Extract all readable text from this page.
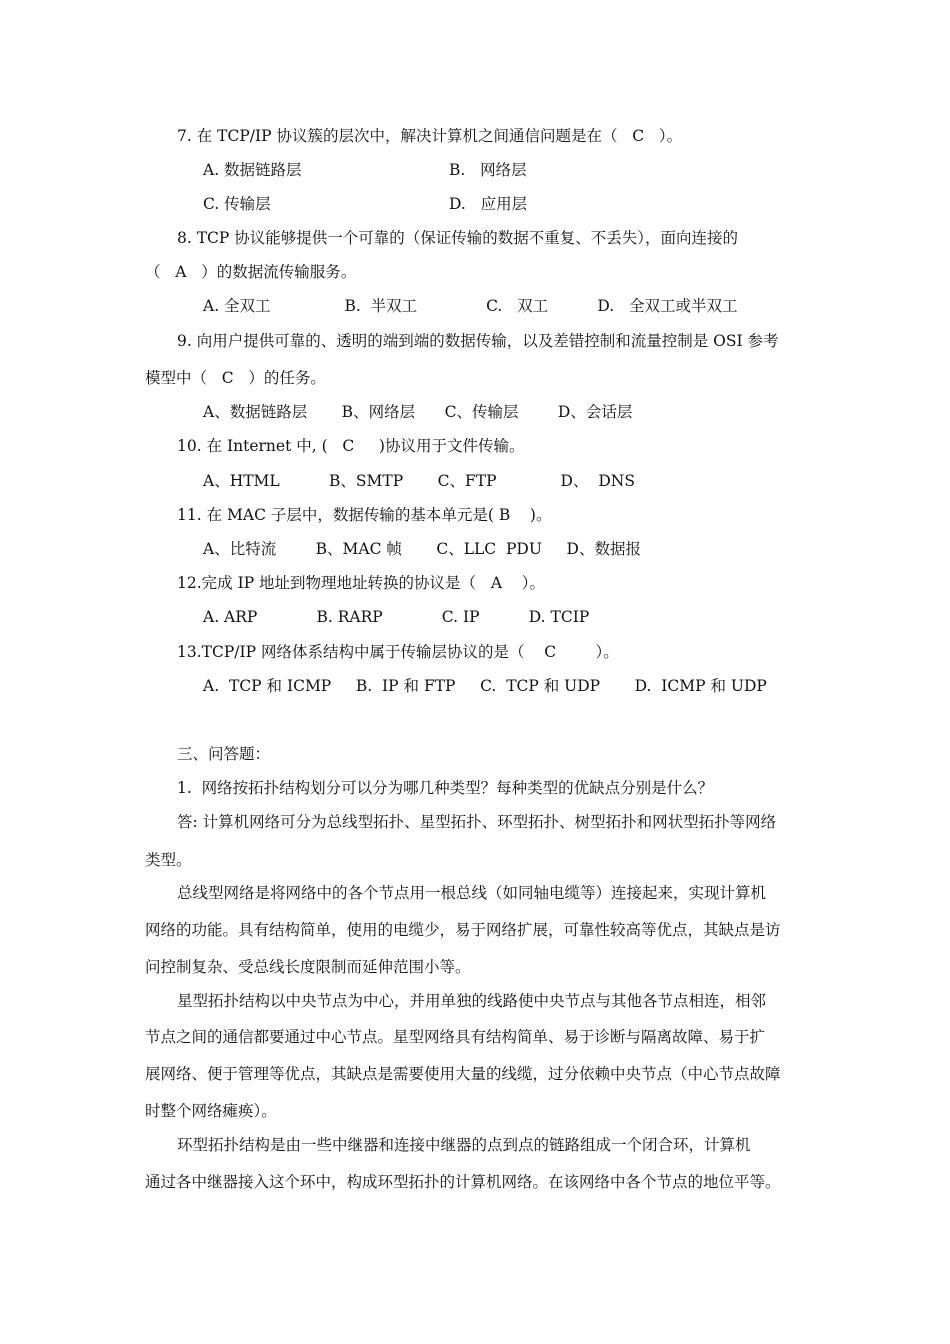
7. 在 TCP/IP 协议簇的层次中，解决计算机之间通信问题是在（   C   ）。
A. 数据链路层	B.   网络层
C. 传输层	D.   应用层
8. TCP 协议能够提供一个可靠的（保证传输的数据不重复、不丢失），面向连接的
（   A   ）的数据流传输服务。
A. 全双工               B.  半双工              C.   双工          D.   全双工或半双工
9. 向用户提供可靠的、透明的端到端的数据传输，以及差错控制和流量控制是 OSI 参考
模型中（   C   ）的任务。
A、数据链路层       B、网络层      C、传输层        D、会话层
10. 在 Internet 中, (   C     )协议用于文件传输。
A、HTML          B、SMTP       C、FTP             D、  DNS
11. 在 MAC 子层中，数据传输的基本单元是( B    )。
A、比特流        B、MAC 帧       C、LLC  PDU     D、数据报
12.完成 IP 地址到物理地址转换的协议是（   A    ）。
A. ARP            B. RARP            C. IP          D. TCIP
13.TCP/IP 网络体系结构中属于传输层协议的是（    C        ）。
A.  TCP 和 ICMP     B.  IP 和 FTP     C.  TCP 和 UDP       D.  ICMP 和 UDP
三、问答题：
1.  网络按拓扑结构划分可以分为哪几种类型？每种类型的优缺点分别是什么？
答: 计算机网络可分为总线型拓扑、星型拓扑、环型拓扑、树型拓扑和网状型拓扑等网络
类型。
总线型网络是将网络中的各个节点用一根总线（如同轴电缆等）连接起来，实现计算机
网络的功能。具有结构简单，使用的电缆少，易于网络扩展，可靠性较高等优点，其缺点是访
问控制复杂、受总线长度限制而延伸范围小等。
星型拓扑结构以中央节点为中心，并用单独的线路使中央节点与其他各节点相连，相邻
节点之间的通信都要通过中心节点。星型网络具有结构简单、易于诊断与隔离故障、易于扩
展网络、便于管理等优点，其缺点是需要使用大量的线缆，过分依赖中央节点（中心节点故障
时整个网络瘫痪）。
环型拓扑结构是由一些中继器和连接中继器的点到点的链路组成一个闭合环，计算机
通过各中继器接入这个环中，构成环型拓扑的计算机网络。在该网络中各个节点的地位平等。
